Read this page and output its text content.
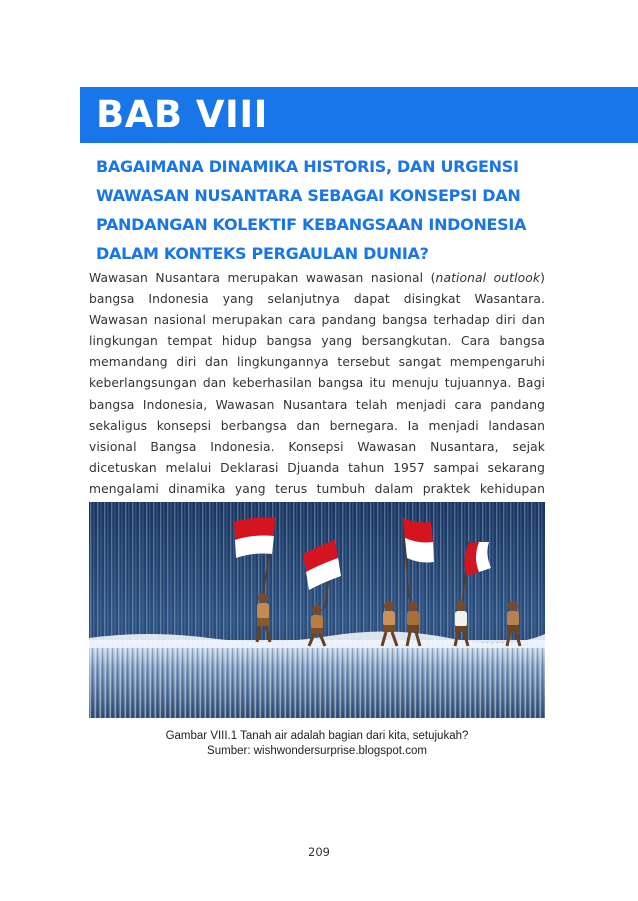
BAB VIII
BAGAIMANA DINAMIKA HISTORIS, DAN URGENSI
WAWASAN NUSANTARA SEBAGAI KONSEPSI DAN
PANDANGAN KOLEKTIF KEBANGSAAN INDONESIA
DALAM KONTEKS PERGAULAN DUNIA?

Wawasan Nusantara merupakan wawasan nasional (national outlook) bangsa Indonesia yang selanjutnya dapat disingkat Wasantara. Wawasan nasional merupakan cara pandang bangsa terhadap diri dan lingkungan tempat hidup bangsa yang bersangkutan. Cara bangsa memandang diri dan lingkungannya tersebut sangat mempengaruhi keberlangsungan dan keberhasilan bangsa itu menuju tujuannya. Bagi bangsa Indonesia, Wawasan Nusantara telah menjadi cara pandang sekaligus konsepsi berbangsa dan bernegara. Ia menjadi landasan visional Bangsa Indonesia. Konsepsi Wawasan Nusantara, sejak dicetuskan melalui Deklarasi Djuanda tahun 1957 sampai sekarang mengalami dinamika yang terus tumbuh dalam praktek kehidupan

Gambar VIII.1 Tanah air adalah bagian dari kita, setujukah?
Sumber: wishwondersurprise.blogspot.com
209
